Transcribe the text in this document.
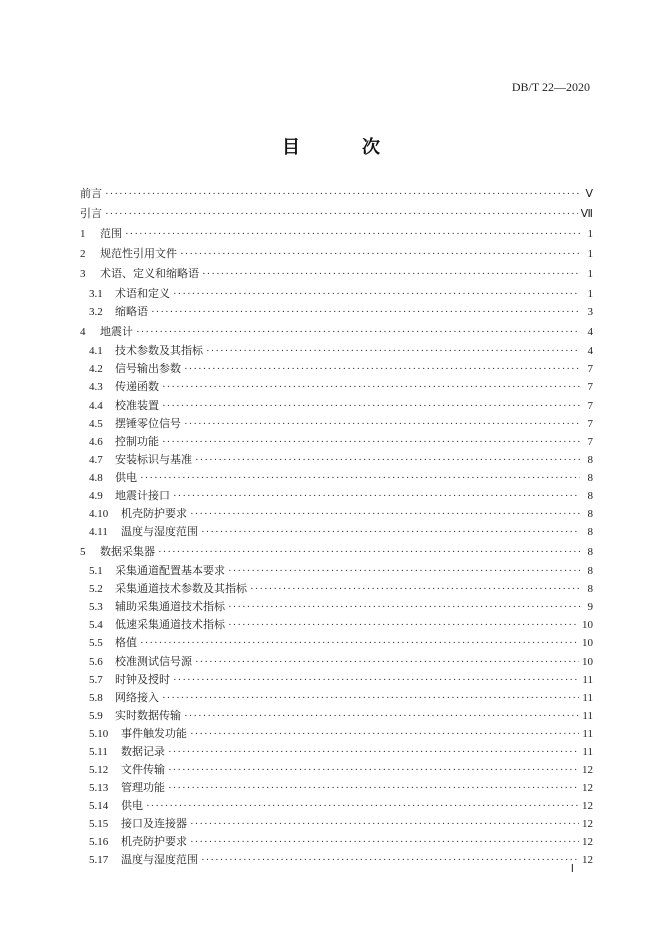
DB/T 22—2020
目　次
前言 ·····	Ⅴ
引言 ·····	Ⅶ
1	范围 ·····	1
2	规范性引用文件 ·····	1
3	术语、定义和缩略语 ·····	1
3.1	术语和定义 ·····	1
3.2	缩略语 ·····	3
4	地震计 ·····	4
4.1	技术参数及其指标 ·····	4
4.2	信号输出参数 ·····	7
4.3	传递函数 ·····	7
4.4	校准装置 ·····	7
4.5	摆锤零位信号 ·····	7
4.6	控制功能 ·····	7
4.7	安装标识与基准 ·····	8
4.8	供电 ·····	8
4.9	地震计接口 ·····	8
4.10	机壳防护要求 ·····	8
4.11	温度与湿度范围 ·····	8
5	数据采集器 ·····	8
5.1	采集通道配置基本要求 ·····	8
5.2	采集通道技术参数及其指标 ·····	8
5.3	辅助采集通道技术指标 ·····	9
5.4	低速采集通道技术指标 ·····	10
5.5	格值 ·····	10
5.6	校准测试信号源 ·····	10
5.7	时钟及授时 ·····	11
5.8	网络接入 ·····	11
5.9	实时数据传输 ·····	11
5.10	事件触发功能 ·····	11
5.11	数据记录 ·····	11
5.12	文件传输 ·····	12
5.13	管理功能 ·····	12
5.14	供电 ·····	12
5.15	接口及连接器 ·····	12
5.16	机壳防护要求 ·····	12
5.17	温度与湿度范围 ·····	12
Ⅰ
